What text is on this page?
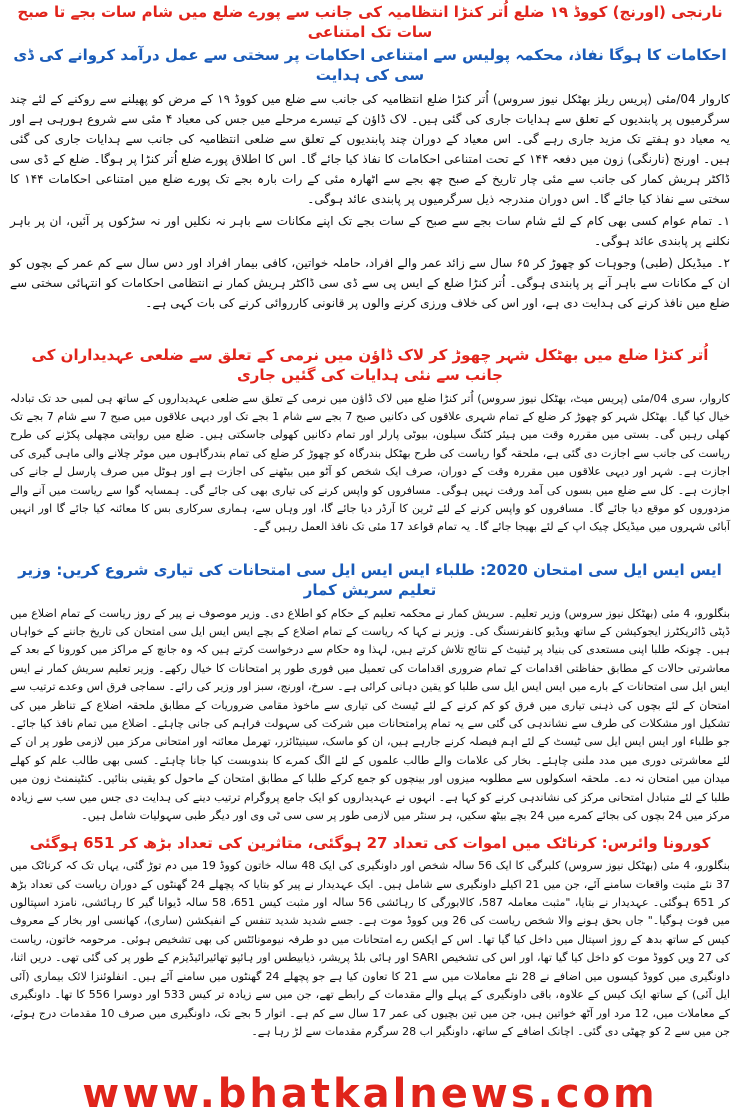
نارنجی (اورنج) کووڈ ۱۹ ضلع اُتر کنڑا انتظامیہ کی جانب سے پورے ضلع میں شام سات بجے تا صبح سات تک امتناعی
احکامات کا ہوگا نفاذ، محکمہ پولیس سے امتناعی احکامات پر سختی سے عمل درآمد کروانے کی ڈی سی کی ہدایت

کاروار 04/مئی (پریس ریلز بھٹکل نیوز سروس) اُتر کنڑا ضلع انتظامیہ کی جانب سے ضلع میں کووڈ ۱۹ کے مرض کو پھیلنے سے روکنے کے لئے چند سرگرمیوں پر پابندیوں کے تعلق سے ہدایات جاری کی گئی ہیں۔ لاک ڈاؤن کے تیسرے مرحلے میں جس کی معیاد ۴ مئی سے شروع ہورہی ہے اور یہ معیاد دو ہفتے تک مزید جاری رہے گی۔ اس معیاد کے دوران چند پابندیوں کے تعلق سے ضلعی انتظامیہ کی جانب سے ہدایات جاری کی گئی ہیں۔ اورنج (نارنگی) زون میں دفعہ ۱۴۴ کے تحت امتناعی احکامات کا نفاذ کیا جائے گا۔ اس کا اطلاق پورے ضلع اُتر کنڑا پر ہوگا۔ ضلع کے ڈی سی ڈاکٹر ہریش کمار کی جانب سے مئی چار تاریخ کے صبح چھ بجے سے اٹھارہ مئی کے رات بارہ بجے تک پورے ضلع میں امتناعی احکامات ۱۴۴ کا سختی سے نفاذ کیا جائے گا۔ اس دوران مندرجہ ذیل سرگرمیوں پر پابندی عائد ہوگی۔

۱۔ تمام عوام کسی بھی کام کے لئے شام سات بجے سے صبح کے سات بجے تک اپنے مکانات سے باہر نہ نکلیں اور نہ سڑکوں پر آئیں، ان پر باہر نکلنے پر پابندی عائد ہوگی۔

۲۔ میڈیکل (طبی) وجوہات کو چھوڑ کر ۶۵ سال سے زائد عمر والے افراد، حاملہ خواتین، کافی بیمار افراد اور دس سال سے کم عمر کے بچوں کو ان کے مکانات سے باہر آنے پر پابندی ہوگی۔ اُتر کنڑا ضلع کے ایس پی سے ڈی سی ڈاکٹر ہریش کمار نے انتظامی احکامات کو انتہائی سختی سے ضلع میں نافذ کرنے کی ہدایت دی ہے، اور اس کی خلاف ورزی کرنے والوں پر قانونی کارروائی کرنے کی بات کہی ہے۔

اُتر کنڑا ضلع میں بھٹکل شہر چھوڑ کر لاک ڈاؤن میں نرمی کے تعلق سے ضلعی عہدیداران کی جانب سے نئی ہدایات کی گئیں جاری

کاروار، سری 04/مئی (پریس میٹ، بھٹکل نیوز سروس) اُتر کنڑا ضلع میں لاک ڈاؤن میں نرمی کے تعلق سے ضلعی عہدیداروں کے ساتھ ہی لمبی حد تک تبادلہ خیال کیا گیا۔ بھٹکل شہر کو چھوڑ کر ضلع کے تمام شہری علاقوں کی دکانیں صبح 7 بجے سے شام 1 بجے تک اور دیہی علاقوں میں صبح 7 سے شام 7 بجے تک کھلی رہیں گی۔ بستی میں مقررہ وقت میں ہیئر کٹنگ سیلون، بیوٹی پارلر اور تمام دکانیں کھولی جاسکتی ہیں۔ ضلع میں روایتی مچھلی پکڑنے کی طرح ریاست کی جانب سے اجازت دی گئی ہے، ملحقہ گوا ریاست کی طرح بھٹکل بندرگاہ کو چھوڑ کر ضلع کی تمام بندرگاہوں میں موٹر چلانے والی ماہی گیری کی اجازت ہے۔ شہر اور دیہی علاقوں میں مقررہ وقت کے دوران، صرف ایک شخص کو آٹو میں بیٹھنے کی اجازت ہے اور ہوٹل میں صرف پارسل لے جانے کی اجازت ہے۔ کل سے ضلع میں بسوں کی آمد ورفت نہیں ہوگی۔ مسافروں کو واپس کرنے کی تیاری بھی کی جائے گی۔ ہمسایہ گوا سے ریاست میں آنے والے مزدوروں کو موقع دیا جائے گا۔ مسافروں کو واپس کرنے کے لئے ٹرین کا آرڈر دیا جائے گا، اور وہاں سے، ہماری سرکاری بس کا معائنہ کیا جائے گا اور انہیں آبائی شہروں میں میڈیکل چیک اپ کے لئے بھیجا جائے گا۔ یہ تمام قواعد 17 مئی تک نافذ العمل رہیں گے۔

ایس ایس ایل سی امتحان 2020: طلباء ایس ایس ایل سی امتحانات کی تیاری شروع کریں: وزیر تعلیم سریش کمار

بنگلورو، 4 مئی (بھٹکل نیوز سروس) وزیر تعلیم۔ سریش کمار نے محکمہ تعلیم کے حکام کو اطلاع دی۔ وزیر موصوف نے پیر کے روز ریاست کے تمام اضلاع میں ڈپٹی ڈائریکٹرز ایجوکیشن کے ساتھ ویڈیو کانفرنسنگ کی۔ وزیر نے کہا کہ ریاست کے تمام اضلاع کے بچے ایس ایس ایل سی امتحان کی تاریخ جاننے کے خواہاں ہیں۔ چونکہ طلبا اپنی مستعدی کی بنیاد پر ٹینیٹ کے نتائج تلاش کرتے ہیں، لہذا وہ حکام سے درخواست کرتے ہیں کہ وہ جانچ کے مراکز میں کورونا کے بعد کے معاشرتی حالات کے مطابق حفاظتی اقدامات کے تمام ضروری اقدامات کی تعمیل میں فوری طور پر امتحانات کا خیال رکھے۔ وزیر تعلیم سریش کمار نے ایس ایس ایل سی امتحانات کے بارے میں ایس ایس ایل سی طلبا کو یقین دہانی کرائی ہے۔ سرخ، اورنج، سبز اور وزیر کی رائے۔ سماجی فرق اس وعدے ترتیب سے امتحان کے لئے بچوں کی ذہنی تیاری میں فرق کو کم کرنے کے لئے ٹیسٹ کی تیاری سے ماخوذ مقامی ضروریات کے مطابق ملحقہ اضلاع کے تناظر میں کی تشکیل اور مشکلات کی طرف سے نشاندہی کی گئی سے یہ تمام پرامتحانات میں شرکت کی سہولت فراہم کی جانی چاہئے۔ اضلاع میں تمام نافذ کیا جائے۔ جو طلباء اور ایس ایس ایل سی ٹیسٹ کے لئے اہم فیصلہ کرنے جارہے ہیں، ان کو ماسک، سینیٹائزر، تھرمل معائنہ اور امتحانی مرکز میں لازمی طور پر ان کے لئے معاشرتی دوری میں مدد ملنی چاہئے۔ بخار کی علامات والے طالب علموں کے لئے الگ کمرے کا بندوبست کیا جانا چاہئے۔ کسی بھی طالب علم کو کھلے میدان میں امتحان نہ دے۔ ملحقہ اسکولوں سے مطلوبہ میزوں اور بینچوں کو جمع کرکے طلبا کے مطابق امتحان کے ماحول کو یقینی بنائیں۔ کنٹینمنٹ زون میں طلبا کے لئے متبادل امتحانی مرکز کی نشاندہی کرنے کو کہا ہے۔ انہوں نے عہدیداروں کو ایک جامع پروگرام ترتیب دینے کی ہدایت دی جس میں سب سے زیادہ مرکز میں 24 بچوں کی بجائے کمرے میں 24 بچے بیٹھ سکیں، ہر سنٹر میں لازمی طور پر سی سی ٹی وی اور دیگر طبی سہولیات شامل ہیں۔

کورونا وائرس: کرناٹک میں اموات کی تعداد 27 ہوگئی، متاثرین کی تعداد بڑھ کر 651 ہوگئی

بنگلورو، 4 مئی (بھٹکل نیوز سروس) کلبرگی کا ایک 56 سالہ شخص اور داونگیری کی ایک 48 سالہ خاتون کووڈ 19 میں دم توڑ گئی، یہاں تک کہ کرناٹک میں 37 نئے مثبت واقعات سامنے آئے، جن میں 21 اکیلے داونگیری سے شامل ہیں۔ ایک عہدیدار نے پیر کو بتایا کہ پچھلے 24 گھنٹوں کے دوران ریاست کی تعداد بڑھ کر 651 ہوگئی۔ عہدیدار نے بتایا، "مثبت معاملہ 587، کالابورگی کا رہائشی 56 سالہ اور مثبت کیس 651، 58 سالہ ڈیوانا گیر کا رہائشی، نامزد اسپتالوں میں فوت ہوگیا۔" جاں بحق ہونے والا شخص ریاست کی 26 ویں کووڈ موت ہے۔ جسے شدید شدید تنفس کے انفیکشن (ساری)، کھانسی اور بخار کے معروف کیس کے ساتھ بدھ کے روز اسپتال میں داخل کیا گیا تھا۔ اس کے ایکس رے امتحانات میں دو طرفہ نیومونائٹس کی بھی تشخیص ہوئی۔ مرحومہ خاتون، ریاست کی 27 ویں کووڈ موت کو داخل کیا گیا تھا، اور اس کی تشخیص SARI اور ہائی بلڈ پریشر، ذیابیطس اور ہائپو تھائیرائیڈیزم کے طور پر کی گئی تھی۔ دریں اثنا، داونگیری میں کووڈ کیسوں میں اضافے نے 28 نئے معاملات میں سے 21 کا تعاون کیا ہے جو پچھلے 24 گھنٹوں میں سامنے آئے ہیں۔ انفلوئنزا لائک بیماری (آئی ایل آئی) کے ساتھ ایک کیس کے علاوہ، باقی داونگیری کے پہلے والے مقدمات کے رابطے تھے، جن میں سے زیادہ تر کیس 533 اور دوسرا 556 کا تھا۔ داونگیری کے معاملات میں، 12 مرد اور آٹھ خواتین ہیں، جن میں تین بچیوں کی عمر 17 سال سے کم ہے۔ اتوار 5 بجے تک، داونگیری میں صرف 10 مقدمات درج ہوئے، جن میں سے 2 کو چھٹی دی گئی۔ اچانک اضافے کے ساتھ، داونگیر اب 28 سرگرم مقدمات سے لڑ رہا ہے۔

www.bhatkalnews.com
